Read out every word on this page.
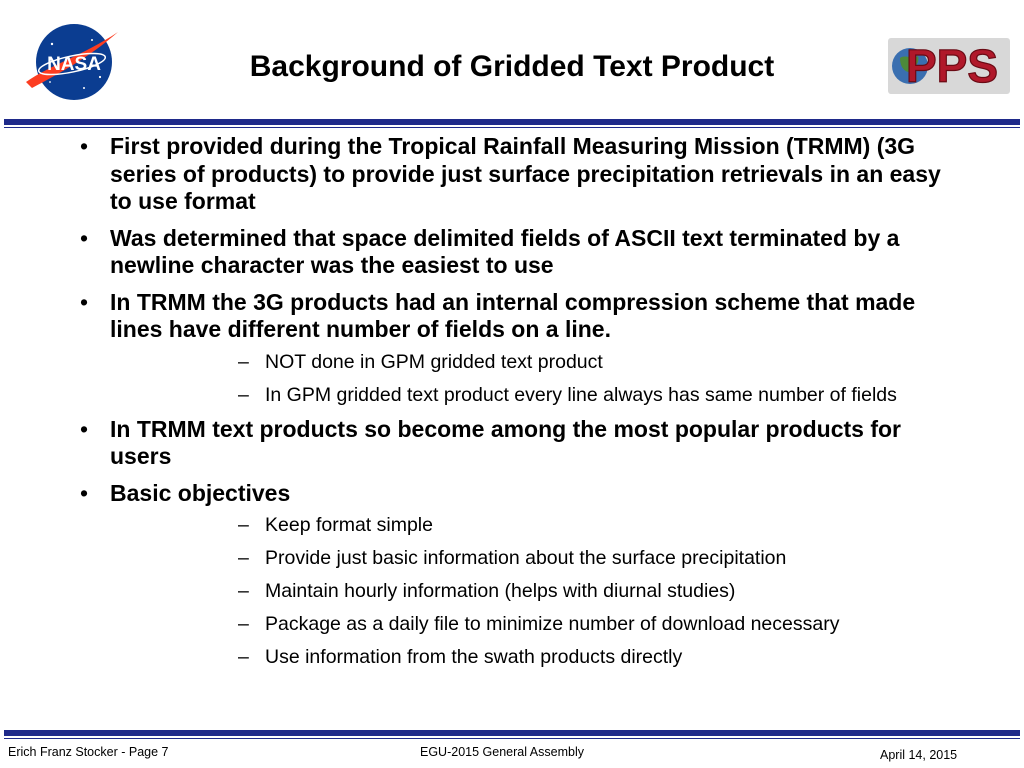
NASA	Background of Gridded Text Product	PPS
• First provided during the Tropical Rainfall Measuring Mission (TRMM) (3G series of products) to provide just surface precipitation retrievals in an easy to use format
• Was determined that space delimited fields of ASCII text terminated by a newline character was the easiest to use
• In TRMM the 3G products had an internal compression scheme that made lines have different number of fields on a line.
– NOT done in GPM gridded text product
– In GPM gridded text product every line always has same number of fields
• In TRMM text products so become among the most popular products for users
• Basic objectives
– Keep format simple
– Provide just basic information about the surface precipitation
– Maintain hourly information (helps with diurnal studies)
– Package as a daily file to minimize number of download necessary
– Use information from the swath products directly
Erich Franz Stocker - Page 7	EGU-2015 General Assembly	April 14, 2015
